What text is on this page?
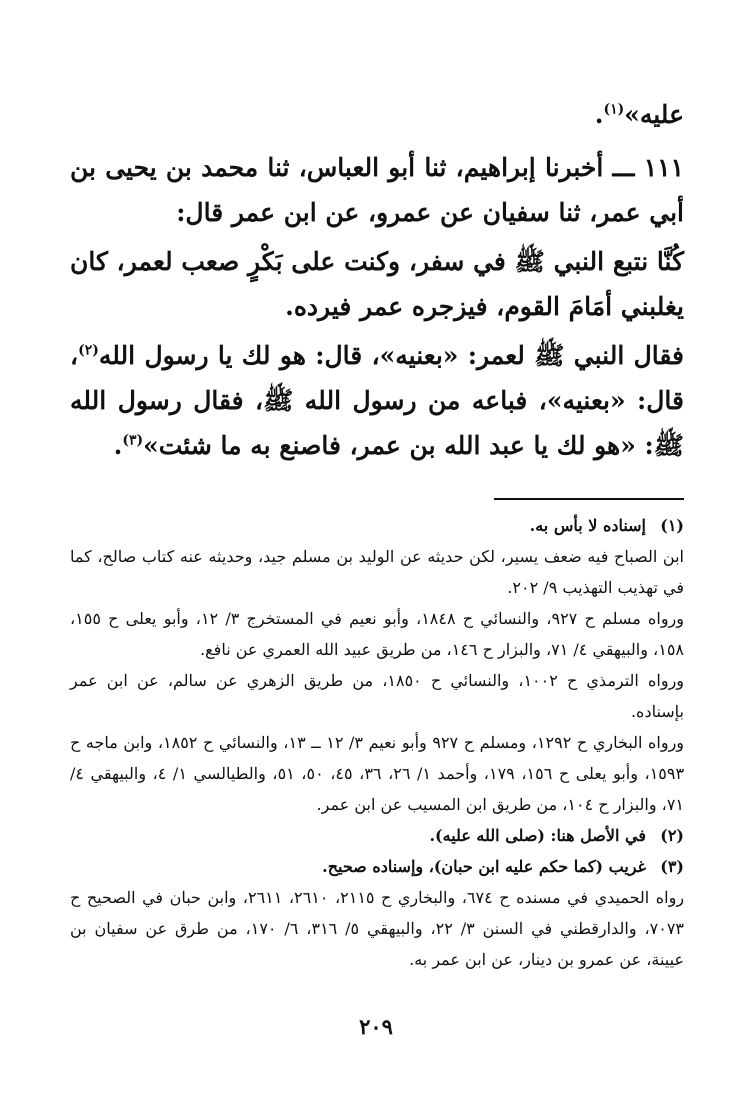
عليه»$^{(١)}$.

١١١ ـــ أخبرنا إبراهيم، ثنا أبو العباس، ثنا محمد بن يحيى بن أبي عمر، ثنا سفيان عن عمرو، عن ابن عمر قال:

كُنَّا نتبع النبي ﷺ في سفر، وكنت على بَكْرٍ صعب لعمر، كان يغلبني أمَامَ القوم، فيزجره عمر فيرده.

فقال النبي ﷺ لعمر: «بعنيه»، قال: هو لك يا رسول الله$^{(٢)}$، قال: «بعنيه»، فباعه من رسول الله ﷺ، فقال رسول الله ﷺ: «هو لك يا عبد الله بن عمر، فاصنع به ما شئت»$^{(٣)}$.

(١)
إسناده لا بأس به.

ابن الصباح فيه ضعف يسير، لكن حديثه عن الوليد بن مسلم جيد، وحديثه عنه كتاب صالح، كما في تهذيب التهذيب ٩/ ٢٠٢.

ورواه مسلم ح ٩٢٧، والنسائي ح ١٨٤٨، وأبو نعيم في المستخرج ٣/ ١٢، وأبو يعلى ح ١٥٥، ١٥٨، والبيهقي ٤/ ٧١، والبزار ح ١٤٦، من طريق عبيد الله العمري عن نافع.

ورواه الترمذي ح ١٠٠٢، والنسائي ح ١٨٥٠، من طريق الزهري عن سالم، عن ابن عمر بإسناده.

ورواه البخاري ح ١٢٩٢، ومسلم ح ٩٢٧ وأبو نعيم ٣/ ١٢ ــ ١٣، والنسائي ح ١٨٥٢، وابن ماجه ح ١٥٩٣، وأبو يعلى ح ١٥٦، ١٧٩، وأحمد ١/ ٢٦، ٣٦، ٤٥، ٥٠، ٥١، والطيالسي ١/ ٤، والبيهقي ٤/ ٧١، والبزار ح ١٠٤، من طريق ابن المسيب عن ابن عمر.

(٢)
في الأصل هنا: (صلى الله عليه).
(٣)
غريب (كما حكم عليه ابن حبان)، وإسناده صحيح.

رواه الحميدي في مسنده ح ٦٧٤، والبخاري ح ٢١١٥، ٢٦١٠، ٢٦١١، وابن حبان في الصحيح ح ٧٠٧٣، والدارقطني في السنن ٣/ ٢٢، والبيهقي ٥/ ٣١٦، ٦/ ١٧٠، من طرق عن سفيان بن عيينة، عن عمرو بن دينار، عن ابن عمر به.

٢٠٩
